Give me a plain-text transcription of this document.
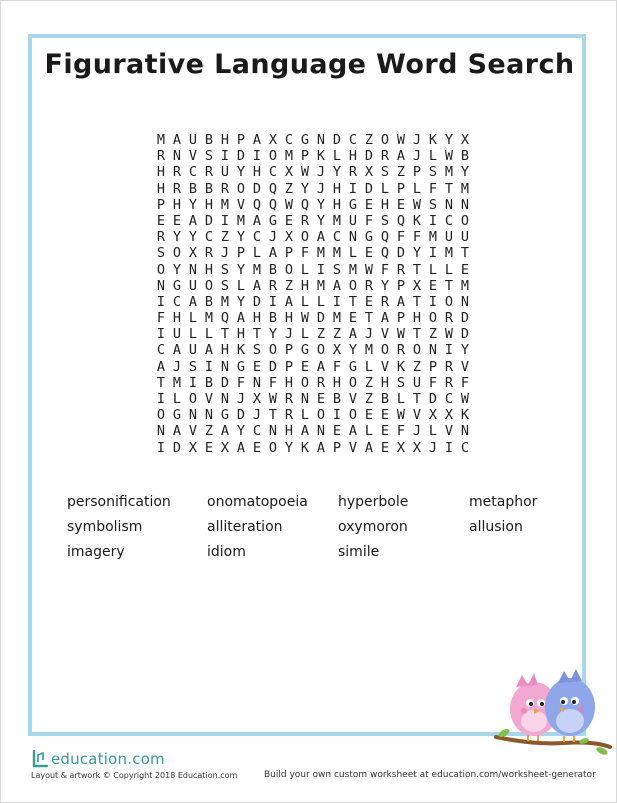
Figurative Language Word Search
M A U B H P A X C G N D C Z O W J K Y X
R N V S I D I O M P K L H D R A J L W B
H R C R U Y H C X W J Y R X S Z P S M Y
H R B B R O D Q Z Y J H I D L P L F T M
P H Y H M V Q Q W Q Y H G E H E W S N N
E E A D I M A G E R Y M U F S Q K I C O
R Y Y C Z Y C J X O A C N G Q F F M U U
S O X R J P L A P F M M L E Q D Y I M T
O Y N H S Y M B O L I S M W F R T L L E
N G U O S L A R Z H M A O R Y P X E T M
I C A B M Y D I A L L I T E R A T I O N
F H L M Q A H B H W D M E T A P H O R D
I U L L T H T Y J L Z Z A J V W T Z W D
C A U A H K S O P G O X Y M O R O N I Y
A J S I N G E D P E A F G L V K Z P R V
T M I B D F N F H O R H O Z H S U F R F
I L O V N J X W R N E B V Z B L T D C W
O G N N G D J T R L O I O E E W V X X K
N A V Z A Y C N H A N E A L E F J L V N
I D X E X A E O Y K A P V A E X X J I C
personification	onomatopoeia	hyperbole	metaphor
symbolism	alliteration	oxymoron	allusion
imagery	idiom	simile
education.com
Layout & artwork © Copyright 2018 Education.com	Build your own custom worksheet at education.com/worksheet-generator
